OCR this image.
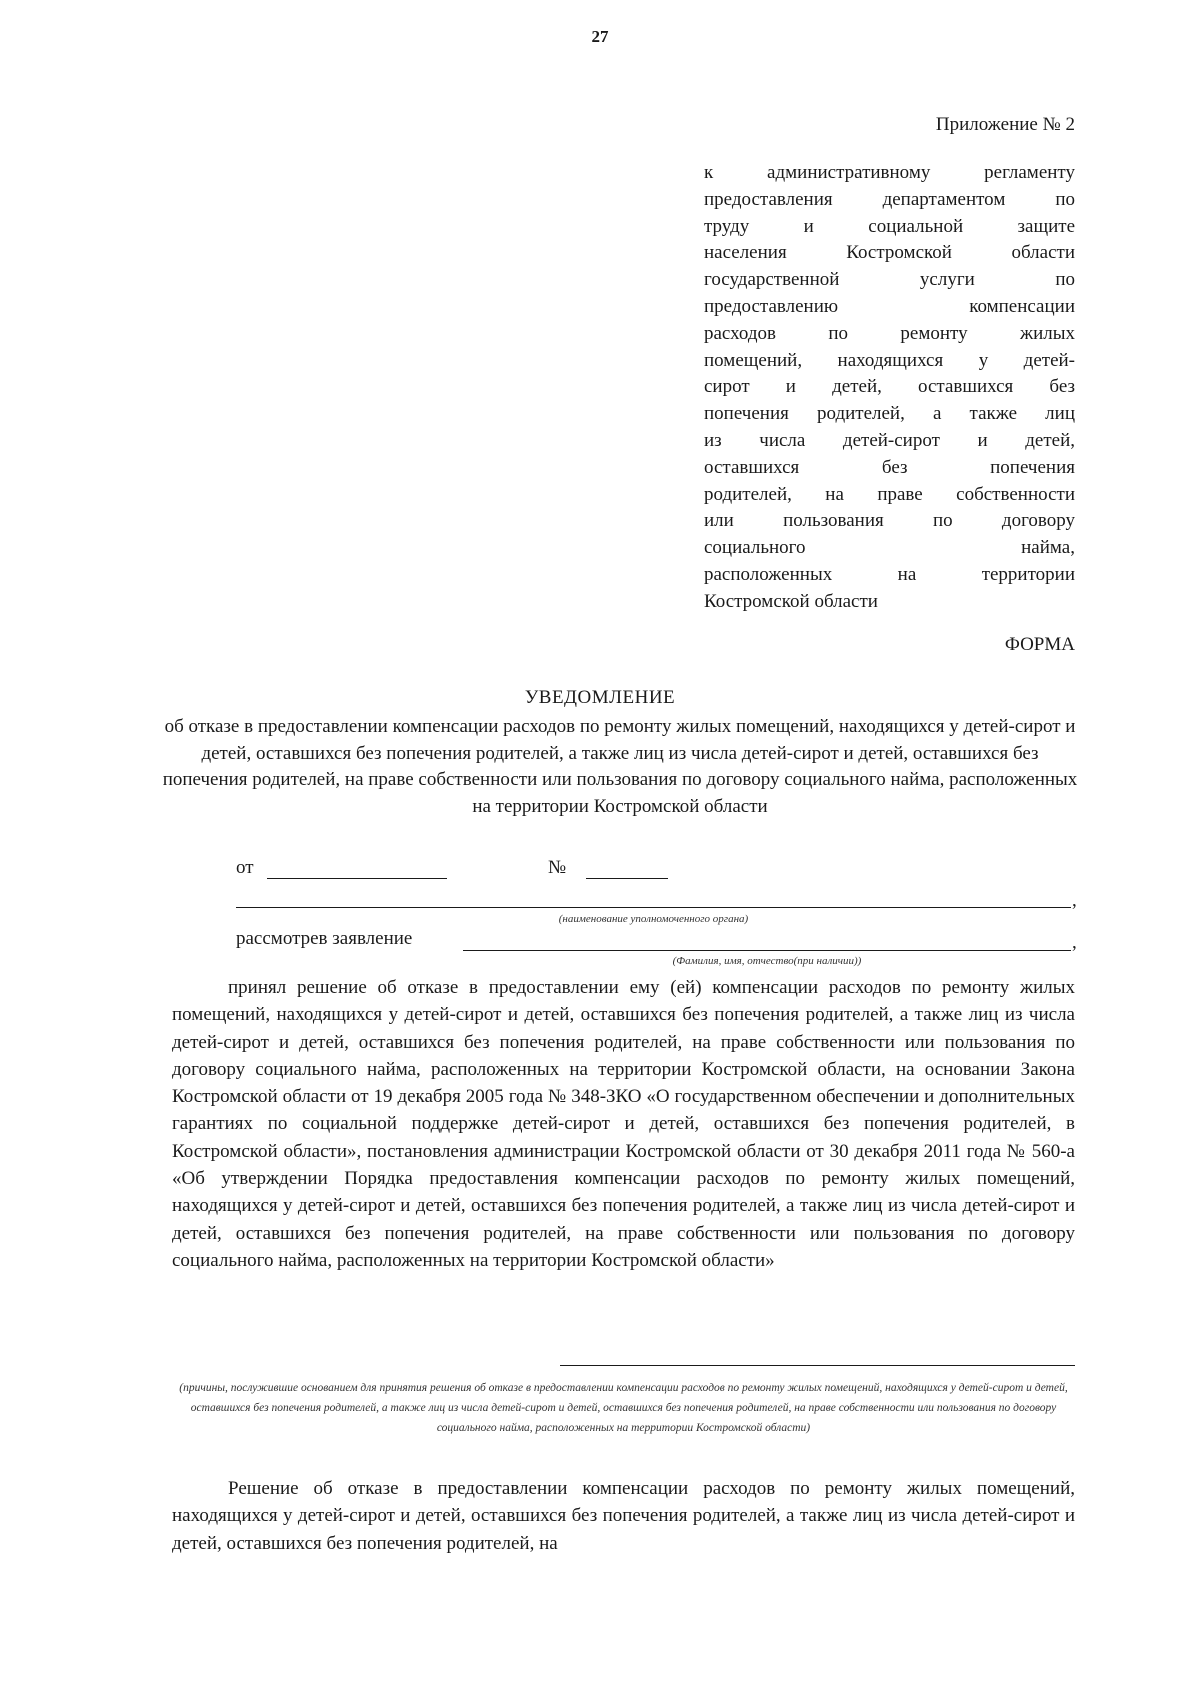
27
Приложение № 2
к административному регламенту
предоставления департаментом по
труду и социальной защите
населения Костромской области
государственной услуги по
предоставлению компенсации
расходов по ремонту жилых
помещений, находящихся у детей-
сирот и детей, оставшихся без
попечения родителей, а также лиц
из числа детей-сирот и детей,
оставшихся без попечения
родителей, на праве собственности
или пользования по договору
социального найма,
расположенных на территории
Костромской области
ФОРМА
УВЕДОМЛЕНИЕ
об отказе в предоставлении компенсации расходов по ремонту жилых помещений, находящихся у детей-сирот и детей, оставшихся без попечения родителей, а также лиц из числа детей-сирот и детей, оставшихся без попечения родителей, на праве собственности или пользования по договору социального найма, расположенных на территории Костромской области
от	№
,
(наименование уполномоченного органа)
рассмотрев заявление	,
(Фамилия, имя, отчество(при наличии))

принял решение об отказе в предоставлении ему (ей) компенсации расходов по ремонту жилых помещений, находящихся у детей-сирот и детей, оставшихся без попечения родителей, а также лиц из числа детей-сирот и детей, оставшихся без попечения родителей, на праве собственности или пользования по договору социального найма, расположенных на территории Костромской области, на основании Закона Костромской области от 19 декабря 2005 года № 348-ЗКО «О государственном обеспечении и дополнительных гарантиях по социальной поддержке детей-сирот и детей, оставшихся без попечения родителей, в Костромской области», постановления администрации Костромской области от 30 декабря 2011 года № 560-а «Об утверждении Порядка предоставления компенсации расходов по ремонту жилых помещений, находящихся у детей-сирот и детей, оставшихся без попечения родителей, а также лиц из числа детей-сирот и детей, оставшихся без попечения родителей, на праве собственности или пользования по договору социального найма, расположенных на территории Костромской области»

(причины, послужившие основанием для принятия решения об отказе в предоставлении компенсации расходов по ремонту жилых помещений, находящихся у детей-сирот и детей, оставшихся без попечения родителей, а также лиц из числа детей-сирот и детей, оставшихся без попечения родителей, на праве собственности или пользования по договору социального найма, расположенных на территории Костромской области)

Решение об отказе в предоставлении компенсации расходов по ремонту жилых помещений, находящихся у детей-сирот и детей, оставшихся без попечения родителей, а также лиц из числа детей-сирот и детей, оставшихся без попечения родителей, на
